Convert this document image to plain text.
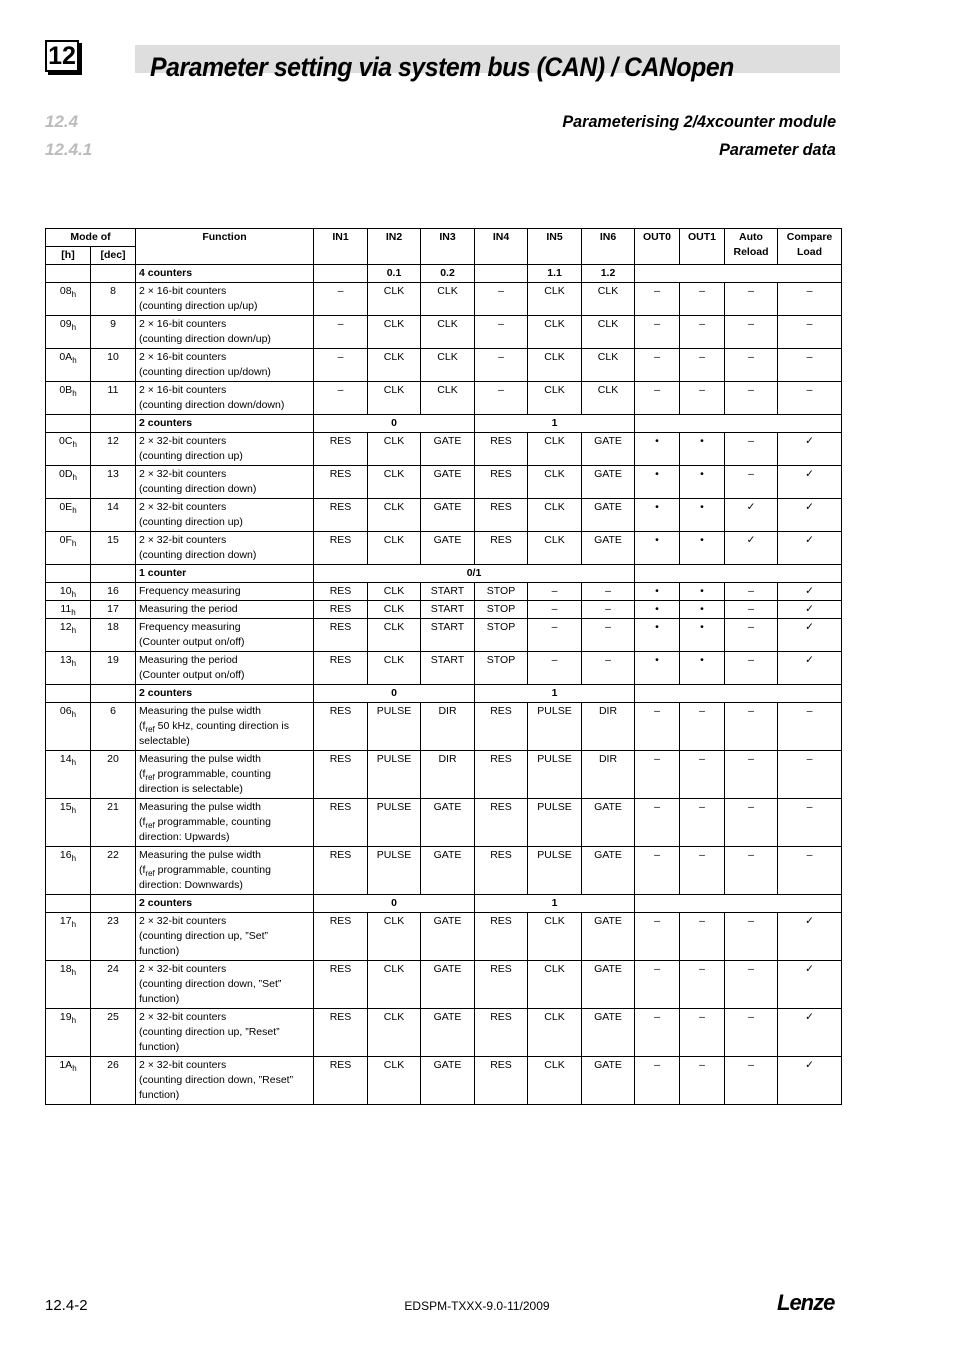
12	Parameter setting via system bus (CAN) / CANopen
12.4	Parameterising 2/4xcounter module
12.4.1	Parameter data
Mode of		Function	IN1	IN2	IN3	IN4	IN5	IN6	OUT0	OUT1	Auto Reload	Compare Load
[h]	[dec]											
		4 counters		0.1	0.2		1.1	1.2				
$08_h$	8	2 × 16-bit counters
(counting direction up/up)	–	CLK	CLK	–	CLK	CLK	–	–	–	–
$09_h$	9	2 × 16-bit counters
(counting direction down/up)	–	CLK	CLK	–	CLK	CLK	–	–	–	–
$0A_h$	10	2 × 16-bit counters
(counting direction up/down)	–	CLK	CLK	–	CLK	CLK	–	–	–	–
$0B_h$	11	2 × 16-bit counters
(counting direction down/down)	–	CLK	CLK	–	CLK	CLK	–	–	–	–
		2 counters	0			1						
$0C_h$	12	2 × 32-bit counters
(counting direction up)	RES	CLK	GATE	RES	CLK	GATE	•	•	–	✓
$0D_h$	13	2 × 32-bit counters
(counting direction down)	RES	CLK	GATE	RES	CLK	GATE	•	•	–	✓
$0E_h$	14	2 × 32-bit counters
(counting direction up)	RES	CLK	GATE	RES	CLK	GATE	•	•	✓	✓
$0F_h$	15	2 × 32-bit counters
(counting direction down)	RES	CLK	GATE	RES	CLK	GATE	•	•	✓	✓
		1 counter	0/1									
$10_h$	16	Frequency measuring	RES	CLK	START	STOP	–	–	•	•	–	✓
$11_h$	17	Measuring the period	RES	CLK	START	STOP	–	–	•	•	–	✓
$12_h$	18	Frequency measuring
(Counter output on/off)	RES	CLK	START	STOP	–	–	•	•	–	✓
$13_h$	19	Measuring the period
(Counter output on/off)	RES	CLK	START	STOP	–	–	•	•	–	✓
		2 counters	0			1						
$06_h$	6	Measuring the pulse width
($f_{ref}$ 50 kHz, counting direction is
selectable)	RES	PULSE	DIR	RES	PULSE	DIR	–	–	–	–
$14_h$	20	Measuring the pulse width
($f_{ref}$ programmable, counting
direction is selectable)	RES	PULSE	DIR	RES	PULSE	DIR	–	–	–	–
$15_h$	21	Measuring the pulse width
($f_{ref}$ programmable, counting
direction: Upwards)	RES	PULSE	GATE	RES	PULSE	GATE	–	–	–	–
$16_h$	22	Measuring the pulse width
($f_{ref}$ programmable, counting
direction: Downwards)	RES	PULSE	GATE	RES	PULSE	GATE	–	–	–	–
		2 counters	0			1						
$17_h$	23	2 × 32-bit counters
(counting direction up, ”Set”
function)	RES	CLK	GATE	RES	CLK	GATE	–	–	–	✓
$18_h$	24	2 × 32-bit counters
(counting direction down, ”Set”
function)	RES	CLK	GATE	RES	CLK	GATE	–	–	–	✓
$19_h$	25	2 × 32-bit counters
(counting direction up, ”Reset”
function)	RES	CLK	GATE	RES	CLK	GATE	–	–	–	✓
$1A_h$	26	2 × 32-bit counters
(counting direction down, ”Reset”
function)	RES	CLK	GATE	RES	CLK	GATE	–	–	–	✓
12.4-2	EDSPM-TXXX-9.0-11/2009	Lenze
